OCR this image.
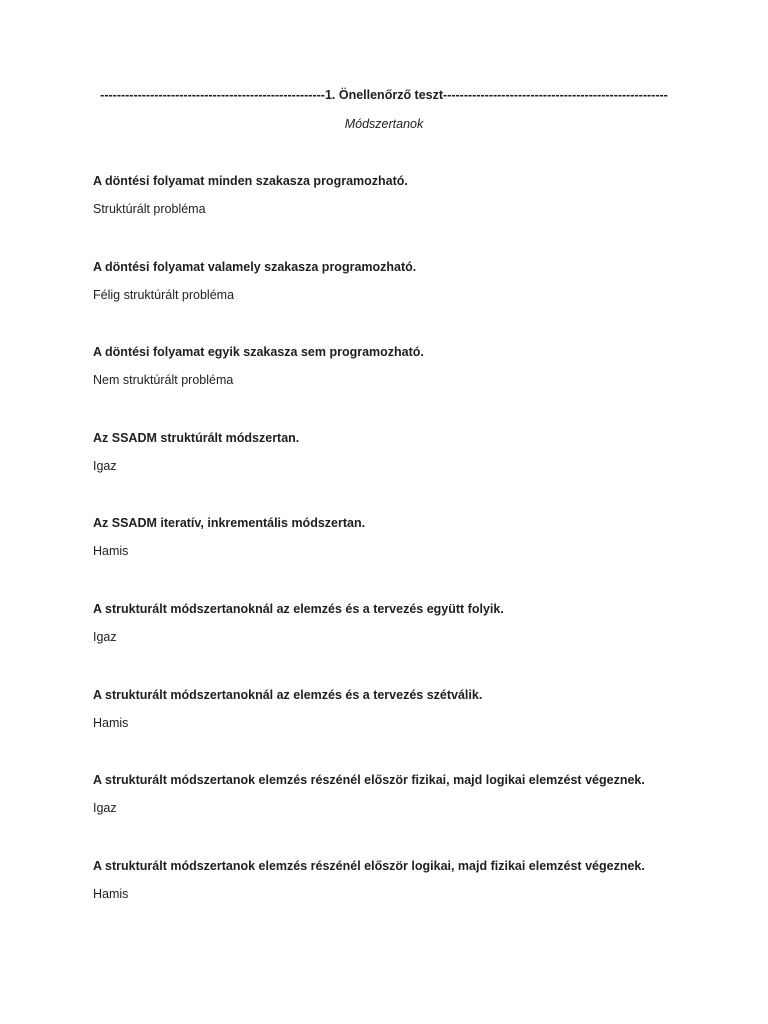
------------------------------------------------------1. Önellenőrző teszt------------------------------------------------------
Módszertanok

A döntési folyamat minden szakasza programozható.

Struktúrált probléma

A döntési folyamat valamely szakasza programozható.

Félig struktúrált probléma

A döntési folyamat egyik szakasza sem programozható.

Nem struktúrált probléma

Az SSADM struktúrált módszertan.

Igaz

Az SSADM iteratív, inkrementális módszertan.

Hamis

A strukturált módszertanoknál az elemzés és a tervezés együtt folyik.

Igaz

A strukturált módszertanoknál az elemzés és a tervezés szétválik.

Hamis

A strukturált módszertanok elemzés részénél először fizikai, majd logikai elemzést végeznek.

Igaz

A strukturált módszertanok elemzés részénél először logikai, majd fizikai elemzést végeznek.

Hamis
